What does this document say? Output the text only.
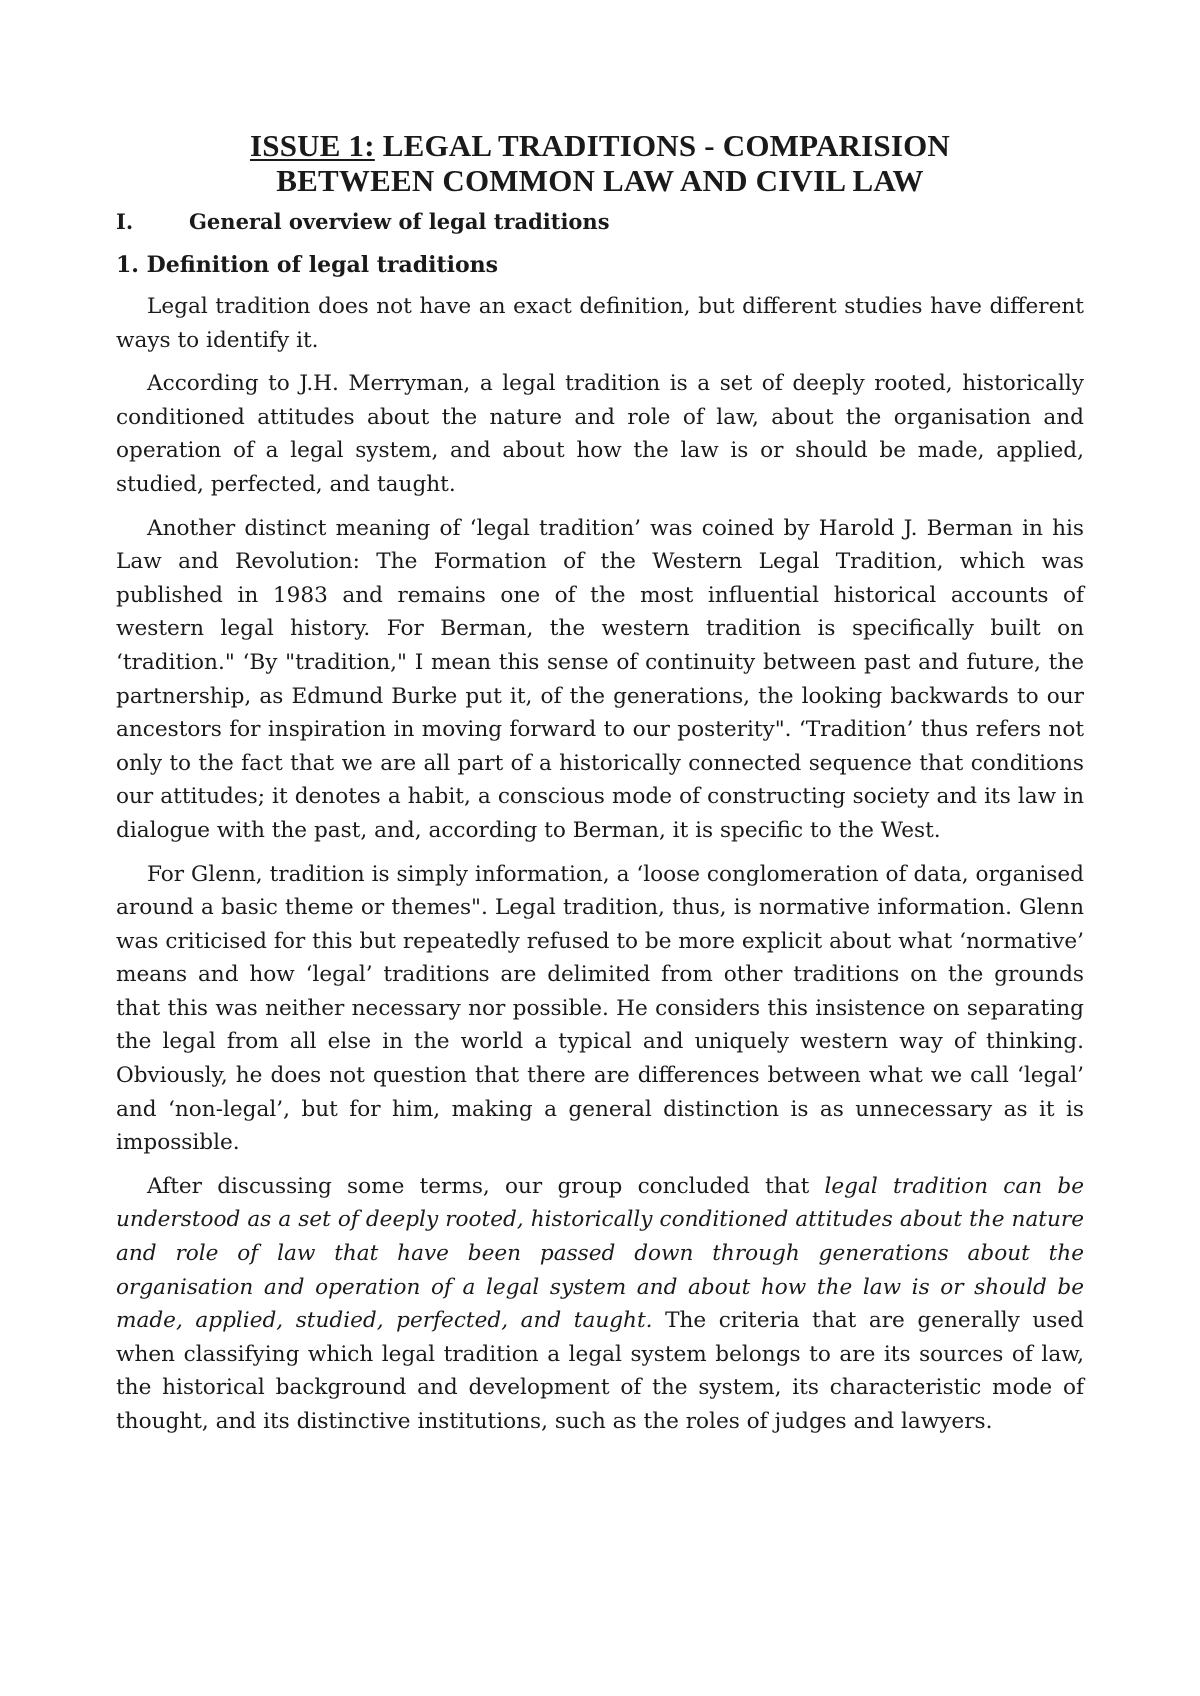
ISSUE 1: LEGAL TRADITIONS - COMPARISION
BETWEEN COMMON LAW AND CIVIL LAW
I.	General overview of legal traditions
1. Definition of legal traditions

Legal tradition does not have an exact definition, but different studies have different ways to identify it.

According to J.H. Merryman, a legal tradition is a set of deeply rooted, historically conditioned attitudes about the nature and role of law, about the organisation and operation of a legal system, and about how the law is or should be made, applied, studied, perfected, and taught.

Another distinct meaning of ‘legal tradition’ was coined by Harold J. Berman in his Law and Revolution: The Formation of the Western Legal Tradition, which was published in 1983 and remains one of the most influential historical accounts of western legal history. For Berman, the western tradition is specifically built on ‘tradition." ‘By "tradition," I mean this sense of continuity between past and future, the partnership, as Edmund Burke put it, of the generations, the looking backwards to our ancestors for inspiration in moving forward to our posterity". ‘Tradition’ thus refers not only to the fact that we are all part of a historically connected sequence that conditions our attitudes; it denotes a habit, a conscious mode of constructing society and its law in dialogue with the past, and, according to Berman, it is specific to the West.

For Glenn, tradition is simply information, a ‘loose conglomeration of data, organised around a basic theme or themes". Legal tradition, thus, is normative information. Glenn was criticised for this but repeatedly refused to be more explicit about what ‘normative’ means and how ‘legal’ traditions are delimited from other traditions on the grounds that this was neither necessary nor possible. He considers this insistence on separating the legal from all else in the world a typical and uniquely western way of thinking. Obviously, he does not question that there are differences between what we call ‘legal’ and ‘non-legal’, but for him, making a general distinction is as unnecessary as it is impossible.

After discussing some terms, our group concluded that legal tradition can be understood as a set of deeply rooted, historically conditioned attitudes about the nature and role of law that have been passed down through generations about the organisation and operation of a legal system and about how the law is or should be made, applied, studied, perfected, and taught. The criteria that are generally used when classifying which legal tradition a legal system belongs to are its sources of law, the historical background and development of the system, its characteristic mode of thought, and its distinctive institutions, such as the roles of judges and lawyers.
